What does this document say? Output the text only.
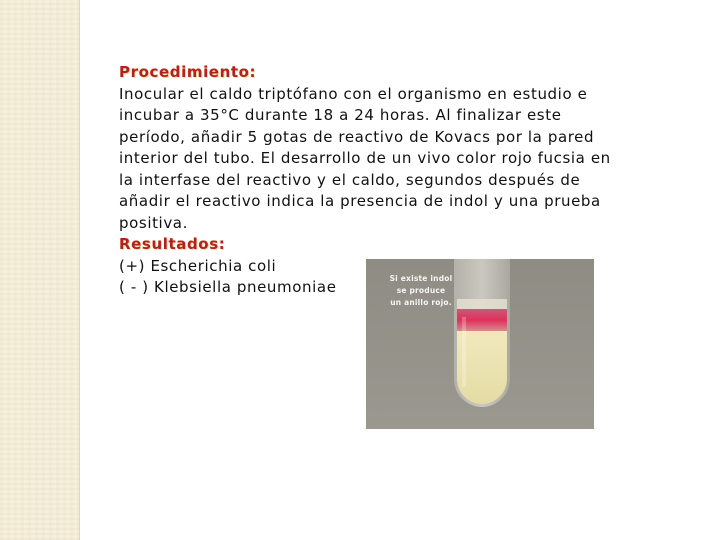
Procedimiento:

Inocular el caldo triptófano con el organismo en estudio e

incubar a 35°C durante 18 a 24 horas. Al finalizar este

período, añadir 5 gotas de reactivo de Kovacs por la pared

interior del tubo. El desarrollo de un vivo color rojo fucsia en

la interfase del reactivo y el caldo, segundos después de

añadir el reactivo indica la presencia de indol y una prueba

positiva.

Resultados:

(+) Escherichia coli

( - ) Klebsiella pneumoniae	Si existe indol
se produce
un anillo rojo.
